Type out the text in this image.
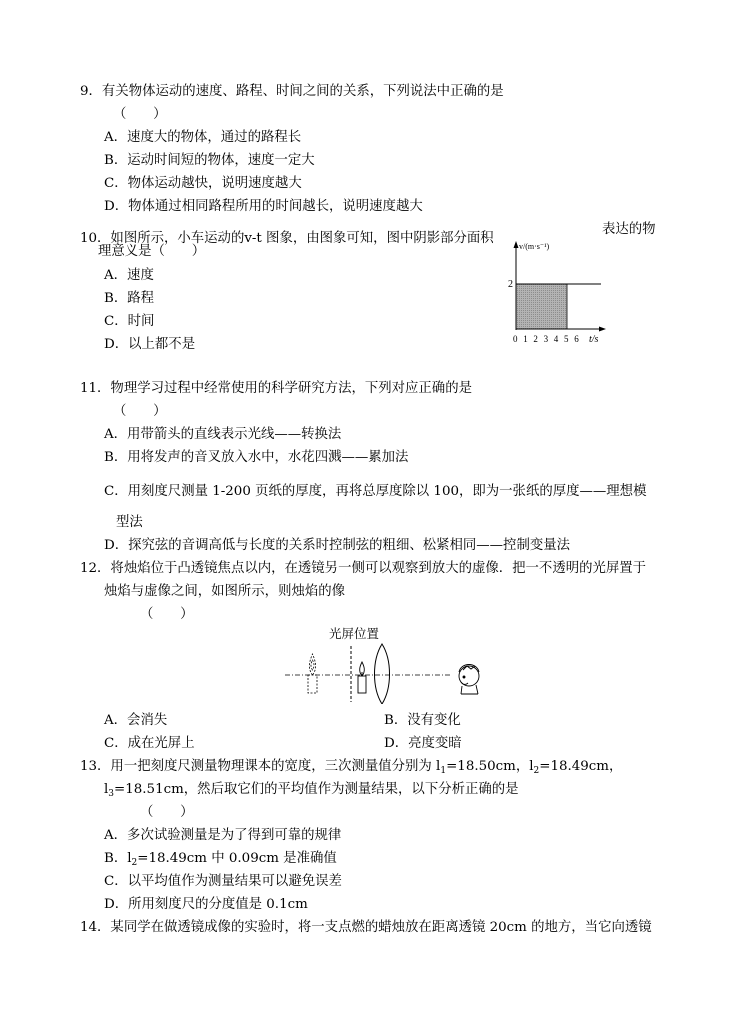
9．有关物体运动的速度、路程、时间之间的关系，下列说法中正确的是
（　　）
A．速度大的物体，通过的路程长
B．运动时间短的物体，速度一定大
C．物体运动越快，说明速度越大
D．物体通过相同路程所用的时间越长，说明速度越大
10．如图所示，小车运动的v-t 图象，由图象可知，图中阴影部分面积
表达的物
理意义是（　　）
A．速度
B．路程
C．时间
D．以上都不是
v/(m·s⁻¹)
2
0 1 2 3 4 5 6 t/s
11．物理学习过程中经常使用的科学研究方法，下列对应正确的是
（　　）
A．用带箭头的直线表示光线——转换法
B．用将发声的音叉放入水中，水花四溅——累加法
C．用刻度尺测量 1-200 页纸的厚度，再将总厚度除以 100，即为一张纸的厚度——理想模
型法
D．探究弦的音调高低与长度的关系时控制弦的粗细、松紧相同——控制变量法
12．将烛焰位于凸透镜焦点以内，在透镜另一侧可以观察到放大的虚像．把一不透明的光屏置于
烛焰与虚像之间，如图所示，则烛焰的像
（　　）
光屏位置
A．会消失	B．没有变化
C．成在光屏上	D．亮度变暗
13．用一把刻度尺测量物理课本的宽度，三次测量值分别为 $l_1=18.50cm$，$l_2=18.49cm$，
$l_3=18.51cm$，然后取它们的平均值作为测量结果，以下分析正确的是
（　　）
A．多次试验测量是为了得到可靠的规律
B．$l_2=18.49cm$ 中 0.09cm 是准确值
C．以平均值作为测量结果可以避免误差
D．所用刻度尺的分度值是 0.1cm
14．某同学在做透镜成像的实验时，将一支点燃的蜡烛放在距离透镜 20cm 的地方，当它向透镜
